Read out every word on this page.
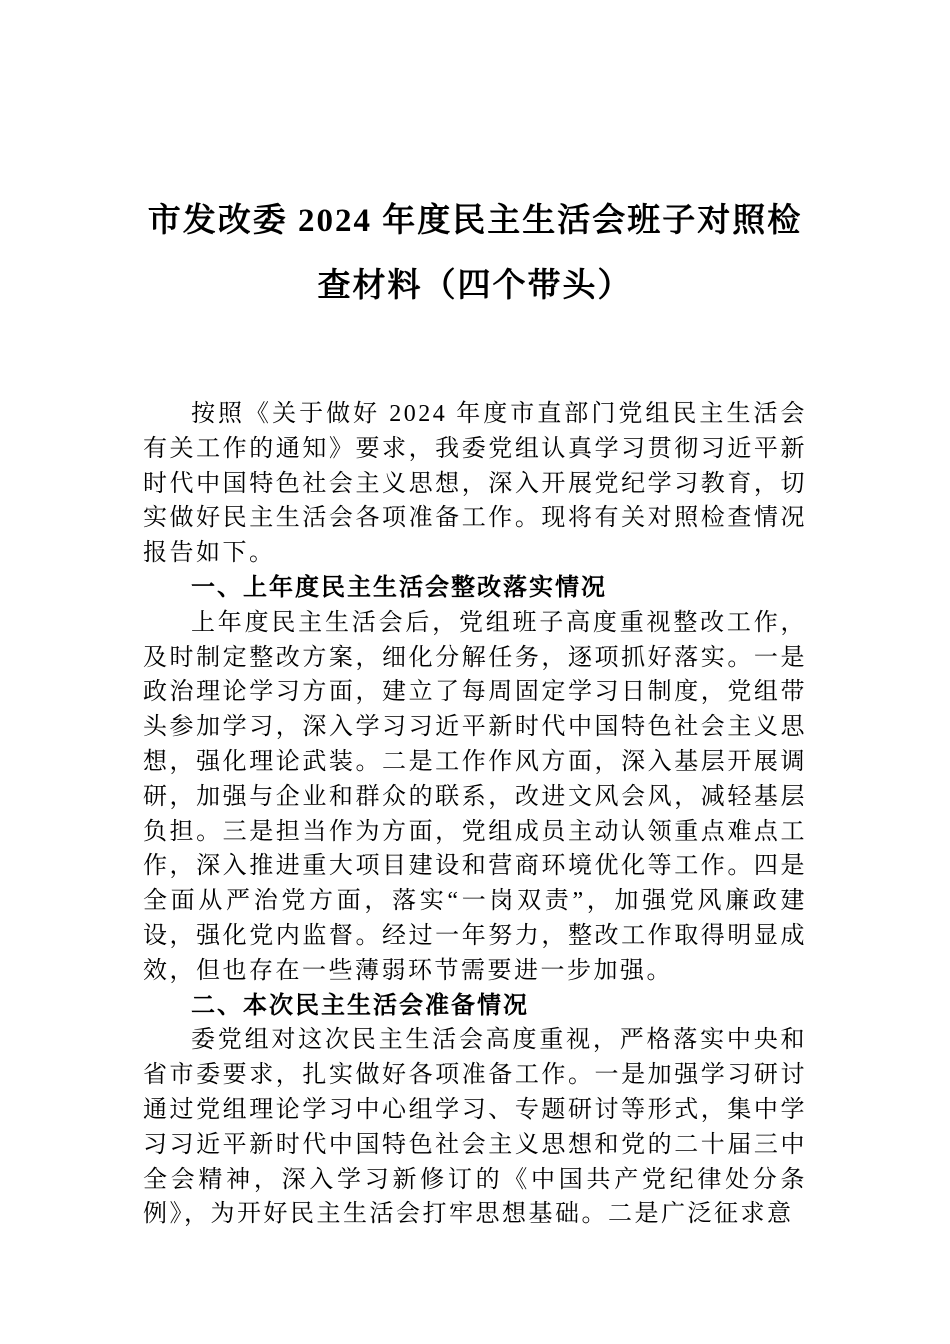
市发改委 2024 年度民主生活会班子对照检
查材料（四个带头）

按照《关于做好 2024 年度市直部门党组民主生活会有关工作的通知》要求，我委党组认真学习贯彻习近平新时代中国特色社会主义思想，深入开展党纪学习教育，切实做好民主生活会各项准备工作。现将有关对照检查情况报告如下。

一、上年度民主生活会整改落实情况

上年度民主生活会后，党组班子高度重视整改工作，及时制定整改方案，细化分解任务，逐项抓好落实。一是政治理论学习方面，建立了每周固定学习日制度，党组带头参加学习，深入学习习近平新时代中国特色社会主义思想，强化理论武装。二是工作作风方面，深入基层开展调研，加强与企业和群众的联系，改进文风会风，减轻基层负担。三是担当作为方面，党组成员主动认领重点难点工作，深入推进重大项目建设和营商环境优化等工作。四是全面从严治党方面，落实“一岗双责”，加强党风廉政建设，强化党内监督。经过一年努力，整改工作取得明显成效，但也存在一些薄弱环节需要进一步加强。

二、本次民主生活会准备情况

委党组对这次民主生活会高度重视，严格落实中央和省市委要求，扎实做好各项准备工作。一是加强学习研讨通过党组理论学习中心组学习、专题研讨等形式，集中学习习近平新时代中国特色社会主义思想和党的二十届三中全会精神，深入学习新修订的《中国共产党纪律处分条例》，为开好民主生活会打牢思想基础。二是广泛征求意
